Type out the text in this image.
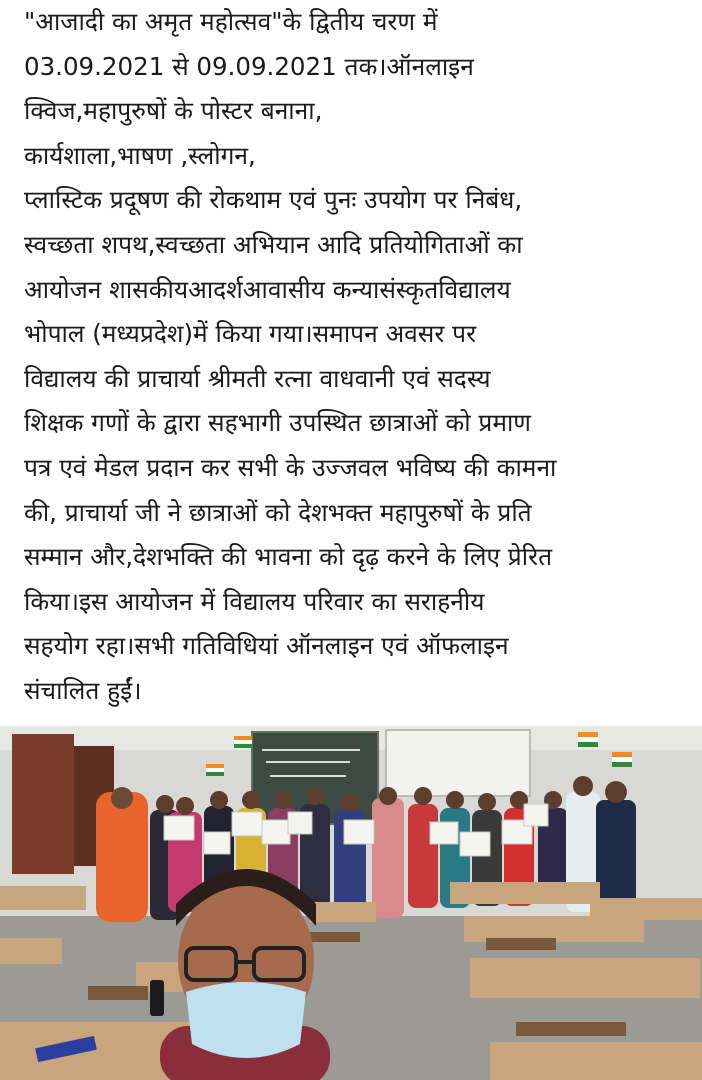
"आजादी का अमृत महोत्सव"के द्वितीय चरण में
03.09.2021 से 09.09.2021 तक।ऑनलाइन
क्विज,महापुरुषों के पोस्टर बनाना,
कार्यशाला,भाषण ,स्लोगन,
प्लास्टिक प्रदूषण की रोकथाम एवं पुनः उपयोग पर निबंध,
स्वच्छता शपथ,स्वच्छता अभियान आदि प्रतियोगिताओं का
आयोजन शासकीयआदर्शआवासीय कन्यासंस्कृतविद्यालय
भोपाल (मध्यप्रदेश)में किया गया।समापन अवसर पर
विद्यालय की प्राचार्या श्रीमती रत्ना वाधवानी एवं सदस्य
शिक्षक गणों के द्वारा सहभागी उपस्थित छात्राओं को प्रमाण
पत्र एवं मेडल प्रदान कर सभी के उज्जवल भविष्य की कामना
की, प्राचार्या जी ने छात्राओं को देशभक्त महापुरुषों के प्रति
सम्मान और,देशभक्ति की भावना को दृढ़ करने के लिए प्रेरित
किया।इस आयोजन में विद्यालय परिवार का सराहनीय
सहयोग रहा।सभी गतिविधियां ऑनलाइन एवं ऑफलाइन
संचालित हुईं।
